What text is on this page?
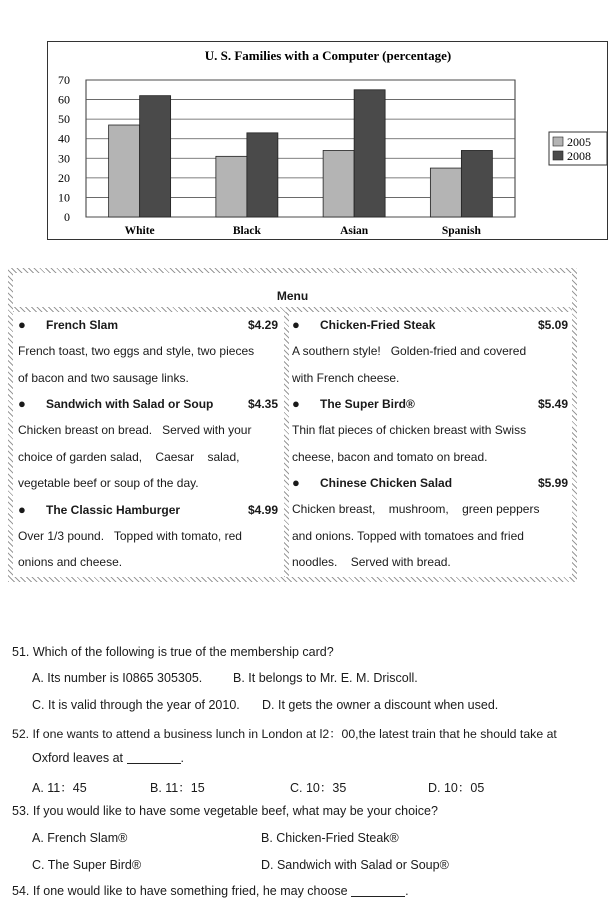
U. S. Families with a Computer (percentage)
0
10
20
30
40
50
60
70
White	Black	Asian	Spanish
2005
2008
Menu
● French Slam	$4.29
French toast, two eggs and style, two pieces
of bacon and two sausage links.
● Sandwich with Salad or Soup	$4.35
Chicken breast on bread.   Served with your
choice of garden salad,    Caesar    salad,
vegetable beef or soup of the day.
● The Classic Hamburger	$4.99
Over 1/3 pound.   Topped with tomato, red
onions and cheese.
● Chicken-Fried Steak	$5.09
A southern style!   Golden-fried and covered
with French cheese.
● The Super Bird®	$5.49
Thin flat pieces of chicken breast with Swiss
cheese, bacon and tomato on bread.
● Chinese Chicken Salad	$5.99
Chicken breast,    mushroom,    green peppers
and onions. Topped with tomatoes and fried
noodles.    Served with bread.
51. Which of the following is true of the membership card?
A. Its number is I0865 305305. B. It belongs to Mr. E. M. Driscoll.
C. It is valid through the year of 2010. D. It gets the owner a discount when used.
52. If one wants to attend a business lunch in London at l2：00,the latest train that he should take at
Oxford leaves at	.
A. 11：45	B. 11：15	C. 10：35	D. 10：05
53. If you would like to have some vegetable beef, what may be your choice?
A. French Slam®	B. Chicken-Fried Steak®
C. The Super Bird®	D. Sandwich with Salad or Soup®
54. If one would like to have something fried, he may choose	.
